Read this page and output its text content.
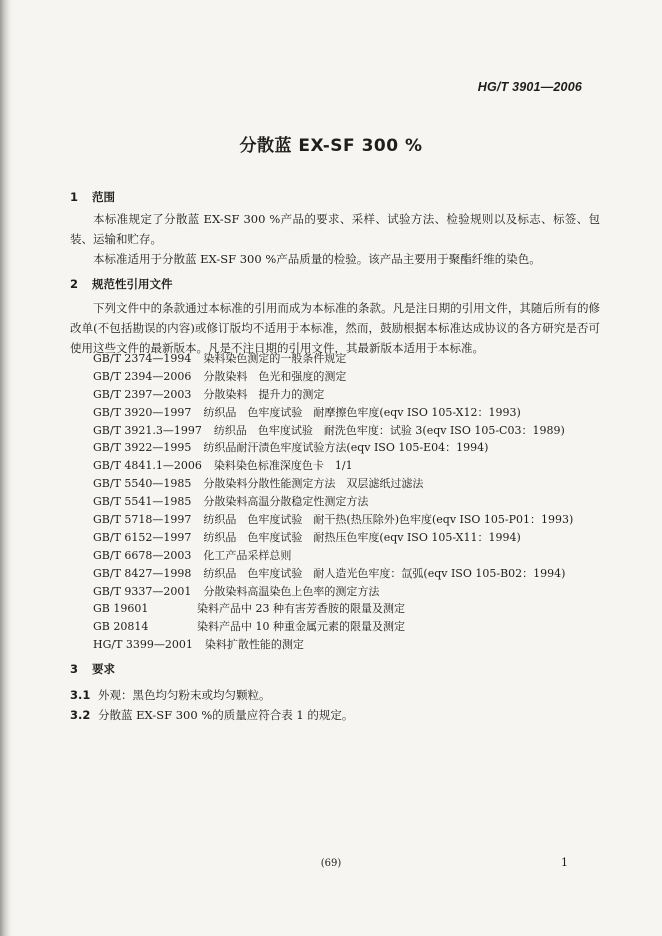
HG/T 3901—2006
分散蓝 EX-SF 300 %
1 范围
本标准规定了分散蓝 EX-SF 300 %产品的要求、采样、试验方法、检验规则以及标志、标签、包装、运输和贮存。
本标准适用于分散蓝 EX-SF 300 %产品质量的检验。该产品主要用于聚酯纤维的染色。
2 规范性引用文件
下列文件中的条款通过本标准的引用而成为本标准的条款。凡是注日期的引用文件，其随后所有的修改单(不包括勘误的内容)或修订版均不适用于本标准，然而，鼓励根据本标准达成协议的各方研究是否可使用这些文件的最新版本。凡是不注日期的引用文件，其最新版本适用于本标准。
GB/T 2374—1994 染料染色测定的一般条件规定
GB/T 2394—2006 分散染料　色光和强度的测定
GB/T 2397—2003 分散染料　提升力的测定
GB/T 3920—1997 纺织品　色牢度试验　耐摩擦色牢度(eqv ISO 105-X12：1993)
GB/T 3921.3—1997 纺织品　色牢度试验　耐洗色牢度：试验 3(eqv ISO 105-C03：1989)
GB/T 3922—1995 纺织品耐汗渍色牢度试验方法(eqv ISO 105-E04：1994)
GB/T 4841.1—2006 染料染色标准深度色卡　1/1
GB/T 5540—1985 分散染料分散性能测定方法　双层滤纸过滤法
GB/T 5541—1985 分散染料高温分散稳定性测定方法
GB/T 5718—1997 纺织品　色牢度试验　耐干热(热压除外)色牢度(eqv ISO 105-P01：1993)
GB/T 6152—1997 纺织品　色牢度试验　耐热压色牢度(eqv ISO 105-X11：1994)
GB/T 6678—2003 化工产品采样总则
GB/T 8427—1998 纺织品　色牢度试验　耐人造光色牢度：氙弧(eqv ISO 105-B02：1994)
GB/T 9337—2001 分散染料高温染色上色率的测定方法
GB 19601	染料产品中 23 种有害芳香胺的限量及测定
GB 20814	染料产品中 10 种重金属元素的限量及测定
HG/T 3399—2001 染料扩散性能的测定
3 要求
3.1 外观：黑色均匀粉末或均匀颗粒。
3.2 分散蓝 EX-SF 300 %的质量应符合表 1 的规定。
(69)	1
